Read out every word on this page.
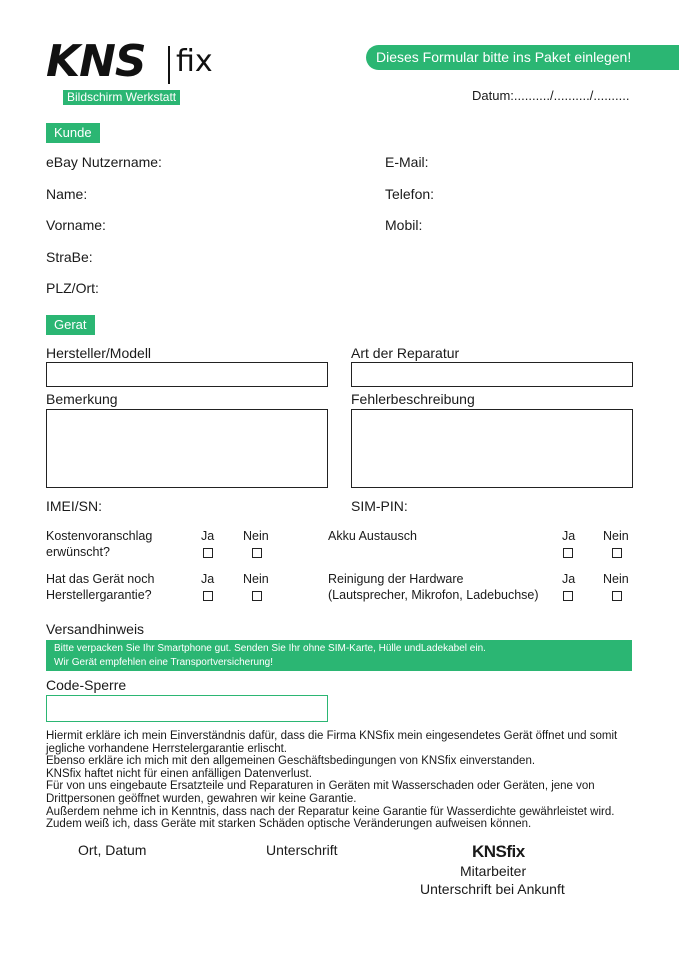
KNS fix
Bildschirm Werkstatt
Dieses Formular bitte ins Paket einlegen!
Datum:........../........../..........
Kunde
eBay Nutzername:
Name:
Vorname:
StraBe:
PLZ/Ort:
E-Mail:
Telefon:
Mobil:
Gerat
Hersteller/Modell	Art der Reparatur
Bemerkung	Fehlerbeschreibung
IMEI/SN:	SIM-PIN:
Kostenvoranschlag
erwünscht?
Ja Nein	Akku Austausch	Ja Nein
Hat das Gerät noch
Herstellergarantie?
Ja Nein	Reinigung der Hardware
(Lautsprecher, Mikrofon, Ladebuchse)
Ja Nein
Versandhinweis
Bitte verpacken Sie Ihr Smartphone gut. Senden Sie Ihr ohne SIM-Karte, Hülle undLadekabel ein.
Wir Gerät empfehlen eine Transportversicherung!
Code-Sperre
Hiermit erkläre ich mein Einverständnis dafür, dass die Firma KNSfix mein eingesendetes Gerät öffnet und somit
jegliche vorhandene Herrstelergarantie erlischt.
Ebenso erkläre ich mich mit den allgemeinen Geschäftsbedingungen von KNSfix einverstanden.
KNSfix haftet nicht für einen anfälligen Datenverlust.
Für von uns eingebaute Ersatzteile und Reparaturen in Geräten mit Wasserschaden oder Geräten, jene von
Drittpersonen geöffnet wurden, gewahren wir keine Garantie.
Außerdem nehme ich in Kenntnis, dass nach der Reparatur keine Garantie für Wasserdichte gewährleistet wird.
Zudem weiß ich, dass Geräte mit starken Schäden optische Veränderungen aufweisen können.
Ort, Datum	Unterschrift	KNSfix
Mitarbeiter
Unterschrift bei Ankunft
